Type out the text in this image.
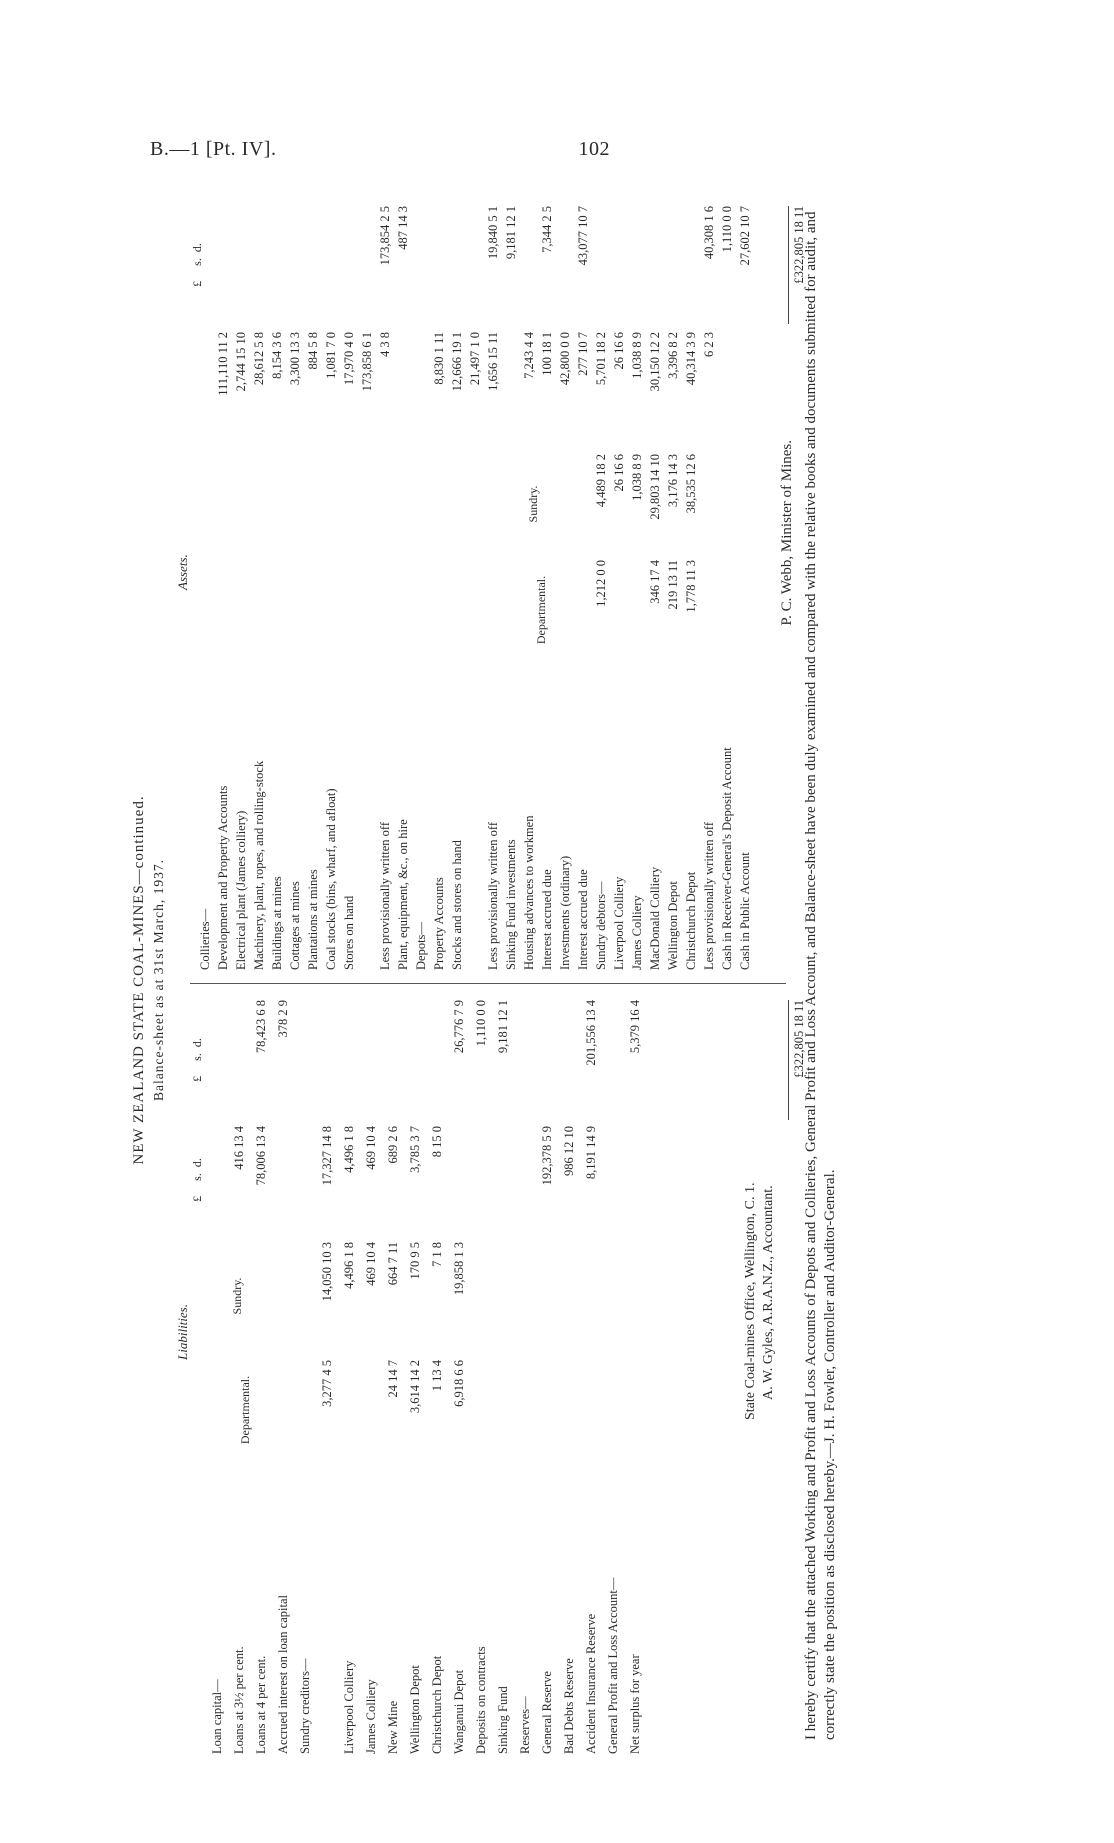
B.—1 [Pt. IV].	102
NEW ZEALAND STATE COAL-MINES—continued. Balance-sheet as at 31st March, 1937.
Liabilities.
Assets.
Departmental.
Sundry.
Departmental.
Sundry.
£     s.  d.
£     s.  d.
£     s.  d.
Loan capital— Loans at 3½ per cent.
416 13 4
Loans at 4 per cent.
78,006 13 4
78,423 6 8
Accrued interest on loan capital
378 2 9
Sundry creditors—
3,277 4 5
14,050 10 3
17,327 14 8
Liverpool Colliery
4,496 1 8
4,496 1 8
James Colliery
469 10 4
469 10 4
New Mine
24 14 7
664 7 11
689 2 6
Wellington Depot
3,614 14 2
170 9 5
3,785 3 7
Christchurch Depot
1 13 4
7 1 8
8 15 0
Wanganui Depot
6,918 6 6
19,858 1 3
26,776 7 9
Deposits on contracts
1,110 0 0
Sinking Fund
9,181 12 1
Reserves— General Reserve
192,378 5 9
Bad Debts Reserve
986 12 10
Accident Insurance Reserve
8,191 14 9
201,556 13 4
General Profit and Loss Account— Net surplus for year
5,379 16 4
Collieries— Development and Property Accounts
111,110 11 2
Electrical plant (James colliery)
2,744 15 10
Machinery, plant, ropes, and rolling-stock
28,612 5 8
Buildings at mines
8,154 3 6
Cottages at mines
3,300 13 3
Plantations at mines
884 5 8
Coal stocks (bins, wharf, and afloat)
1,081 7 0
Stores on hand
17,970 4 0 173,858 6 1
Less provisionally written off
4 3 8
173,854 2 5
Plant, equipment, &c., on hire
487 14 3
Depots— Property Accounts
8,830 1 11
Stocks and stores on hand
12,666 19 1 21,497 1 0
Less provisionally written off
1,656 15 11
19,840 5 1
Sinking Fund investments
9,181 12 1
Housing advances to workmen
7,243 4 4
Interest accrued due
100 18 1
7,344 2 5
Investments (ordinary)
42,800 0 0
Interest accrued due
277 10 7
43,077 10 7
Sundry debtors—
1,212 0 0
4,489 18 2
5,701 18 2
Liverpool Colliery
26 16 6
26 16 6
James Colliery
1,038 8 9
1,038 8 9
MacDonald Colliery
346 17 4
29,803 14 10
30,150 12 2
Wellington Depot
219 13 11
3,176 14 3
3,396 8 2
Christchurch Depot
1,778 11 3
38,535 12 6
40,314 3 9
Less provisionally written off
6 2 3
40,308 1 6
Cash in Receiver-General's Deposit Account
1,110 0 0
Cash in Public Account
27,602 10 7
£322,805 18 11
£322,805 18 11
State Coal-mines Office, Wellington, C. 1. A. W. Gyles, A.R.A.N.Z., Accountant.
P. C. Webb, Minister of Mines. I hereby certify that the attached Working and Profit and Loss Accounts of Depots and Collieries, General Profit and Loss Account, and Balance-sheet have been duly examined and compared with the relative books and documents submitted for audit, and correctly state the position as disclosed hereby.—J. H. Fowler, Controller and Auditor-General.
